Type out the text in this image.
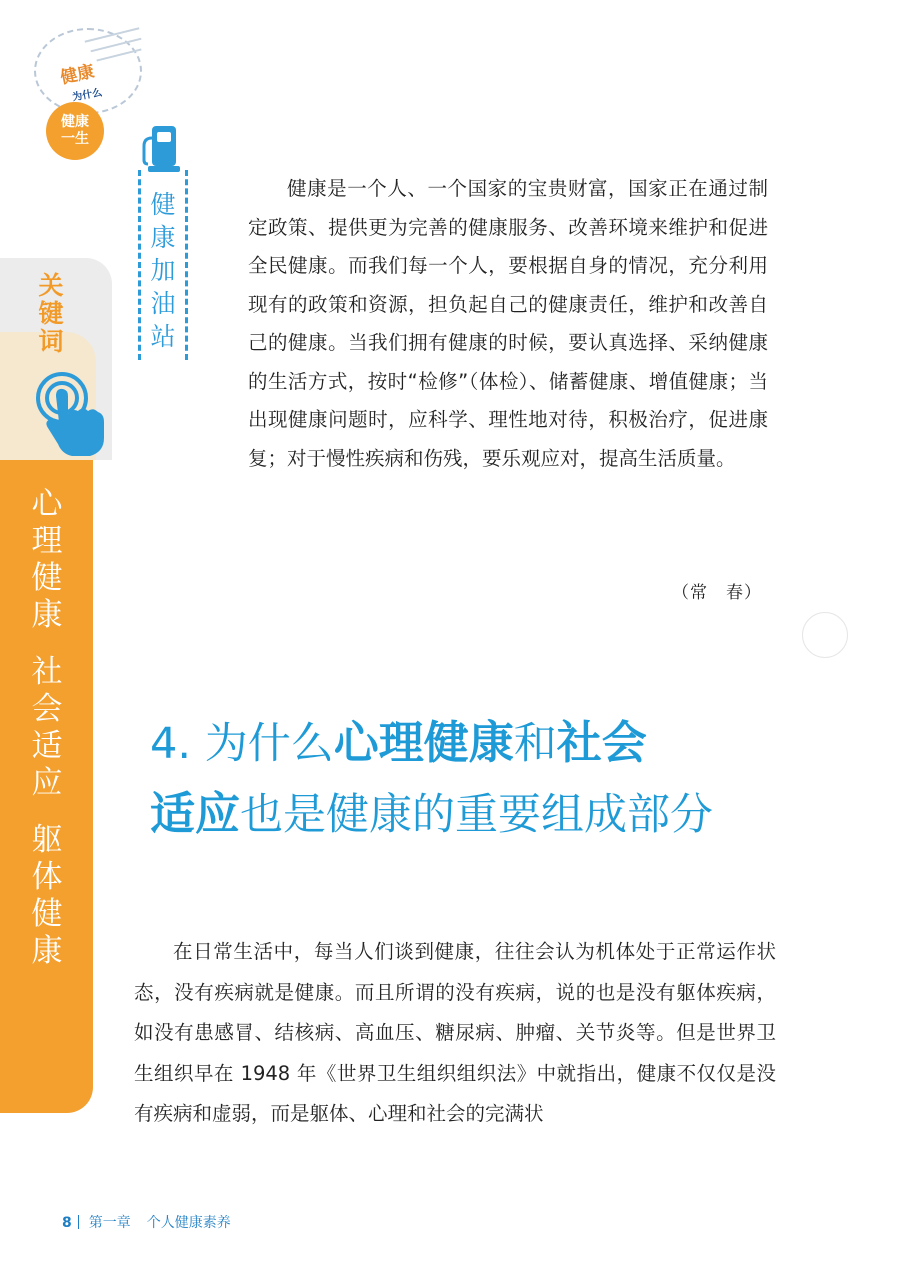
健康
为什么
健康
一生
关
键
词
心
理
健
康
社
会
适
应
躯
体
健
康
健
康
加
油
站

健康是一个人、一个国家的宝贵财富，国家正在通过制定政策、提供更为完善的健康服务、改善环境来维护和促进全民健康。而我们每一个人，要根据自身的情况，充分利用现有的政策和资源，担负起自己的健康责任，维护和改善自己的健康。当我们拥有健康的时候，要认真选择、采纳健康的生活方式，按时“检修”（体检）、储蓄健康、增值健康；当出现健康问题时，应科学、理性地对待，积极治疗，促进康复；对于慢性疾病和伤残，要乐观应对，提高生活质量。

（常　春）
4. 为什么心理健康和社会
适应也是健康的重要组成部分

在日常生活中，每当人们谈到健康，往往会认为机体处于正常运作状态，没有疾病就是健康。而且所谓的没有疾病，说的也是没有躯体疾病，如没有患感冒、结核病、高血压、糖尿病、肿瘤、关节炎等。但是世界卫生组织早在 1948 年《世界卫生组织组织法》中就指出，健康不仅仅是没有疾病和虚弱，而是躯体、心理和社会的完满状

8 第一章 个人健康素养
